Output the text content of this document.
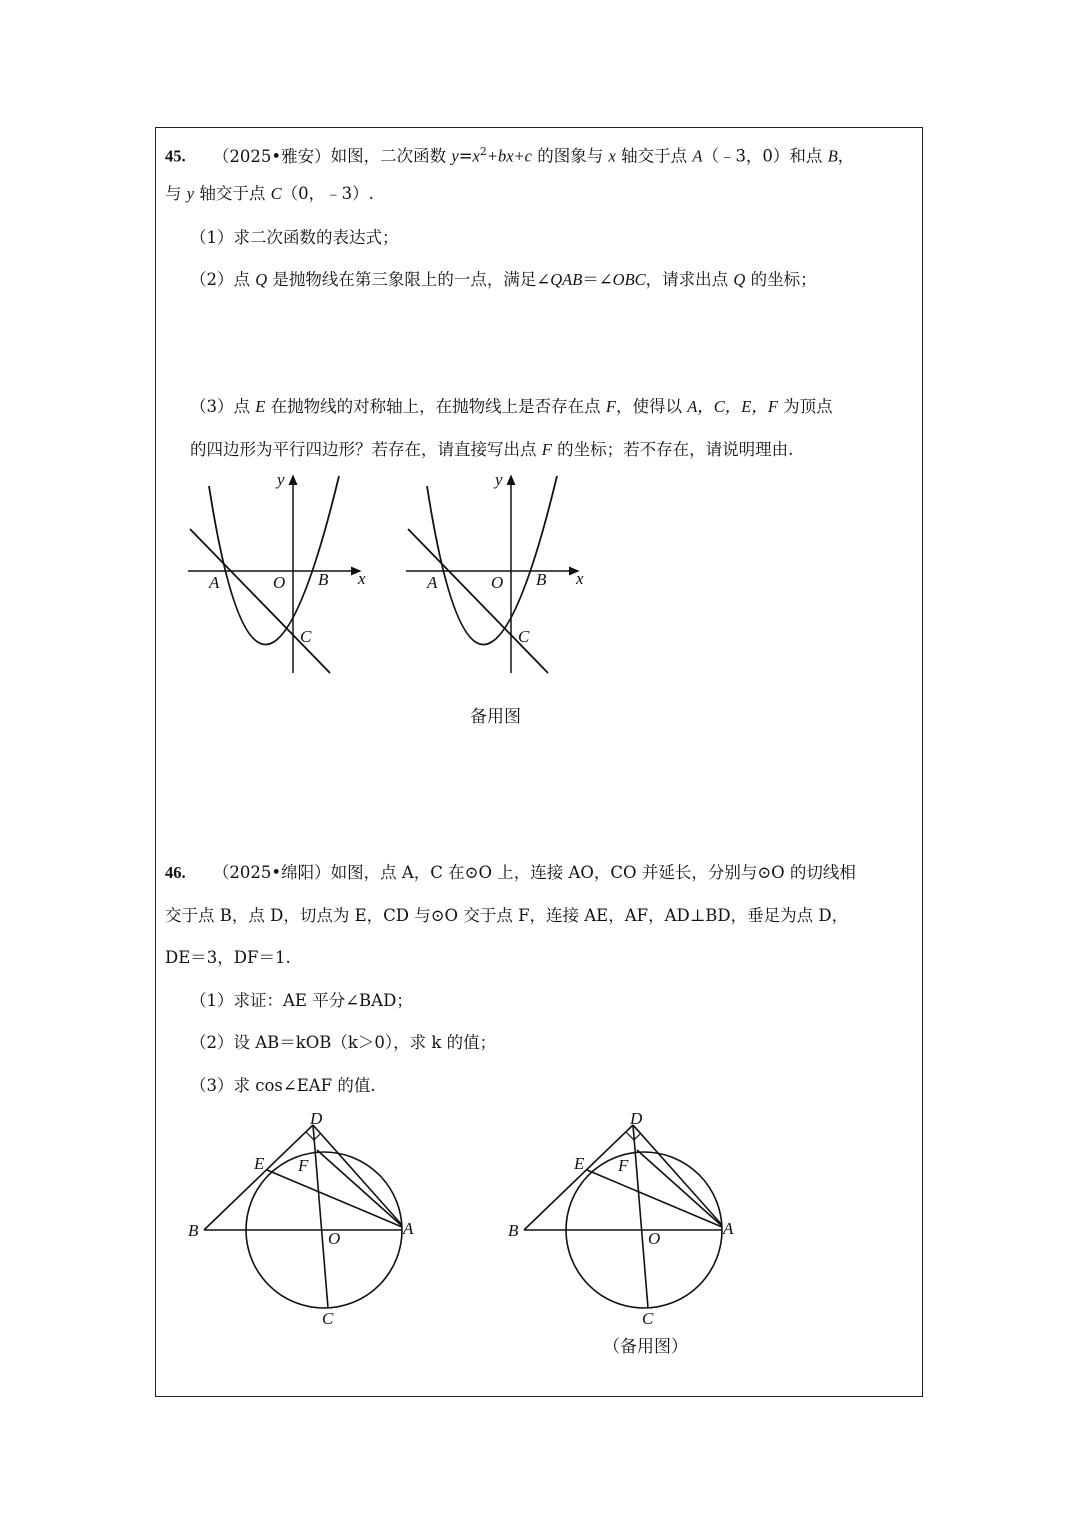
45. （2025•雅安）如图，二次函数 $y=x^2+bx+c$ 的图象与 x 轴交于点 A（﹣3，0）和点 B，
与 y 轴交于点 C（0，﹣3）.
（1）求二次函数的表达式；
（2）点 Q 是抛物线在第三象限上的一点，满足∠QAB＝∠OBC，请求出点 Q 的坐标；
（3）点 E 在抛物线的对称轴上，在抛物线上是否存在点 F，使得以 A，C，E，F 为顶点
的四边形为平行四边形？若存在，请直接写出点 F 的坐标；若不存在，请说明理由.
A	O B
C
x
y
A	O B
C
x
y
备用图
46. （2025•绵阳）如图，点 A，C 在⊙O 上，连接 AO，CO 并延长，分别与⊙O 的切线相
交于点 B，点 D，切点为 E，CD 与⊙O 交于点 F，连接 AE，AF，AD⊥BD，垂足为点 D，
DE＝3，DF＝1.
（1）求证：AE 平分∠BAD；
（2）设 AB＝kOB（k＞0），求 k 的值；
（3）求 cos∠EAF 的值.
D
E F
B	O
A
C
D
E F
B	O
A
C
（备用图）
